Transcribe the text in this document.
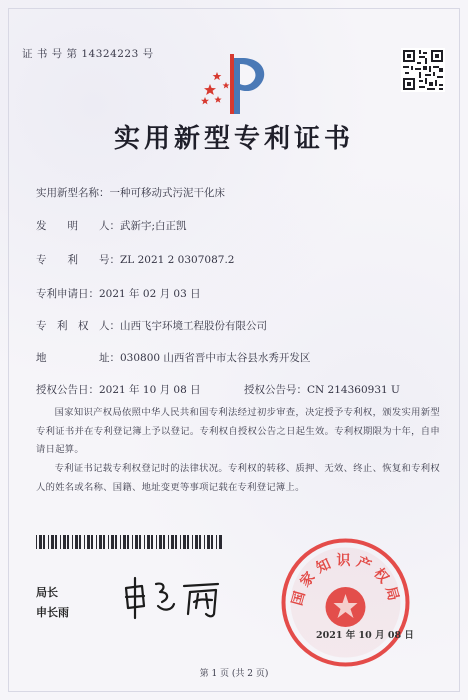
证 书 号 第 14324223 号
实用新型专利证书
实用新型名称：一种可移动式污泥干化床
发　　明　　人：武新宇;白正凯
专　　利　　号：ZL 2021 2 0307087.2
专利申请日：2021 年 02 月 03 日
专　利　权　人：山西飞宇环境工程股份有限公司
地　　　　　址：030800 山西省晋中市太谷县水秀开发区
授权公告日：2021 年 10 月 08 日	授权公告号：CN 214360931 U
国家知识产权局依照中华人民共和国专利法经过初步审查，决定授予专利权，颁发实用新型专利证书并在专利登记簿上予以登记。专利权自授权公告之日起生效。专利权期限为十年，自申请日起算。
专利证书记载专利权登记时的法律状况。专利权的转移、质押、无效、终止、恢复和专利权人的姓名或名称、国籍、地址变更等事项记载在专利登记簿上。
局长
申长雨
国家知识产权局
2021 年 10 月 08 日
第 1 页 (共 2 页)
